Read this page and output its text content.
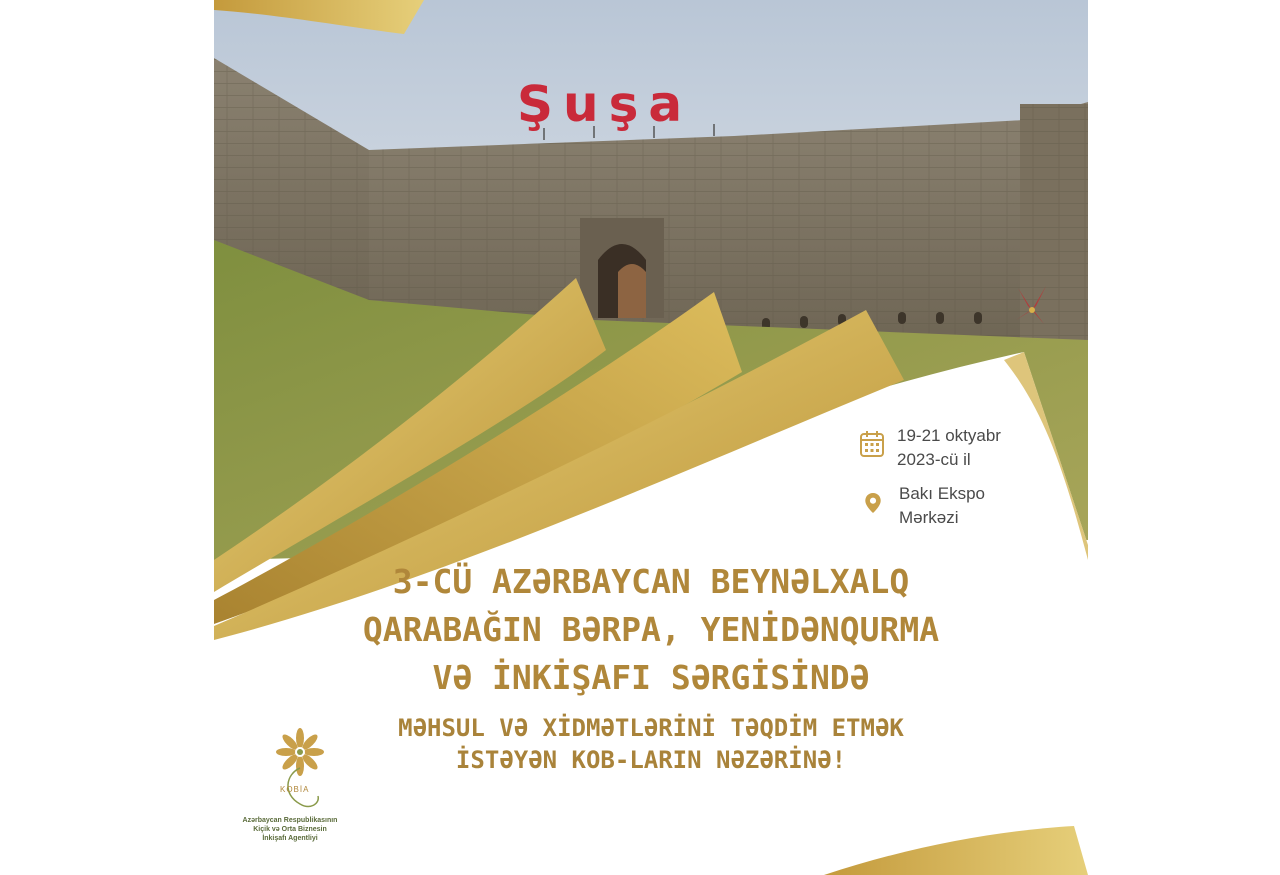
Şuşa
19-21 oktyabr
2023-cü il
Bakı Ekspo
Mərkəzi
3-CÜ AZƏRBAYCAN BEYNƏLXALQ
QARABAĞIN BƏRPA, YENİDƏNQURMA
VƏ İNKİŞAFI SƏRGİSİNDƏ
MƏHSUL VƏ XİDMƏTLƏRİNİ TƏQDİM ETMƏK
İSTƏYƏN KOB-LARIN NƏZƏRİNƏ!
KOBİA
Azərbaycan Respublikasının
Kiçik və Orta Biznesin
İnkişafı Agentliyi
